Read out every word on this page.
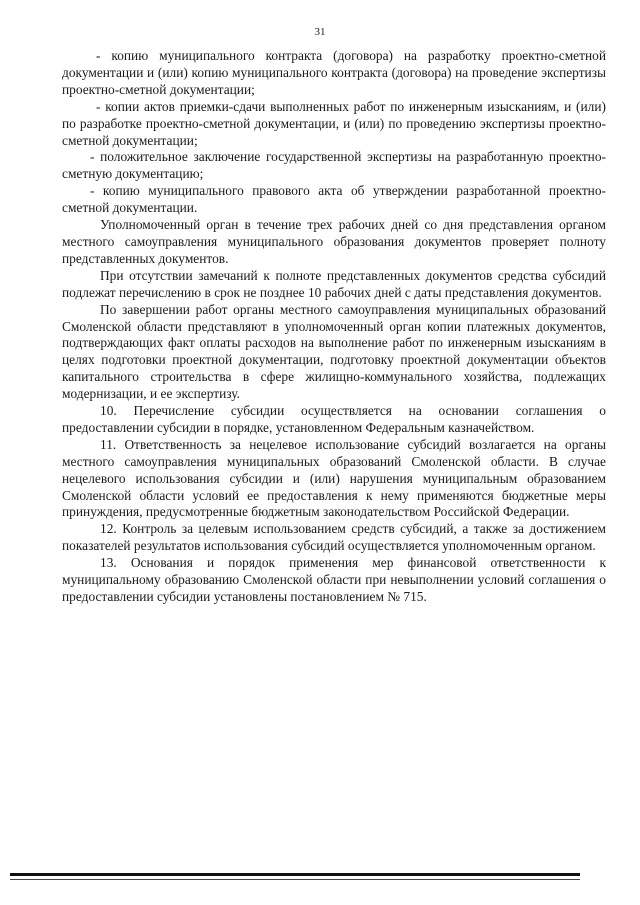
31

- копию муниципального контракта (договора) на разработку проектно-сметной документации и (или) копию муниципального контракта (договора) на проведение экспертизы проектно-сметной документации;

- копии актов приемки-сдачи выполненных работ по инженерным изысканиям, и (или) по разработке проектно-сметной документации, и (или) по проведению экспертизы проектно-сметной документации;

- положительное заключение государственной экспертизы на разработанную проектно-сметную документацию;

- копию муниципального правового акта об утверждении разработанной проектно-сметной документации.

Уполномоченный орган в течение трех рабочих дней со дня представления органом местного самоуправления муниципального образования документов проверяет полноту представленных документов.

При отсутствии замечаний к полноте представленных документов средства субсидий подлежат перечислению в срок не позднее 10 рабочих дней с даты представления документов.

По завершении работ органы местного самоуправления муниципальных образований Смоленской области представляют в уполномоченный орган копии платежных документов, подтверждающих факт оплаты расходов на выполнение работ по инженерным изысканиям в целях подготовки проектной документации, подготовку проектной документации объектов капитального строительства в сфере жилищно-коммунального хозяйства, подлежащих модернизации, и ее экспертизу.

10. Перечисление субсидии осуществляется на основании соглашения о предоставлении субсидии в порядке, установленном Федеральным казначейством.

11. Ответственность за нецелевое использование субсидий возлагается на органы местного самоуправления муниципальных образований Смоленской области. В случае нецелевого использования субсидии и (или) нарушения муниципальным образованием Смоленской области условий ее предоставления к нему применяются бюджетные меры принуждения, предусмотренные бюджетным законодательством Российской Федерации.

12. Контроль за целевым использованием средств субсидий, а также за достижением показателей результатов использования субсидий осуществляется уполномоченным органом.

13. Основания и порядок применения мер финансовой ответственности к муниципальному образованию Смоленской области при невыполнении условий соглашения о предоставлении субсидии установлены постановлением № 715.
